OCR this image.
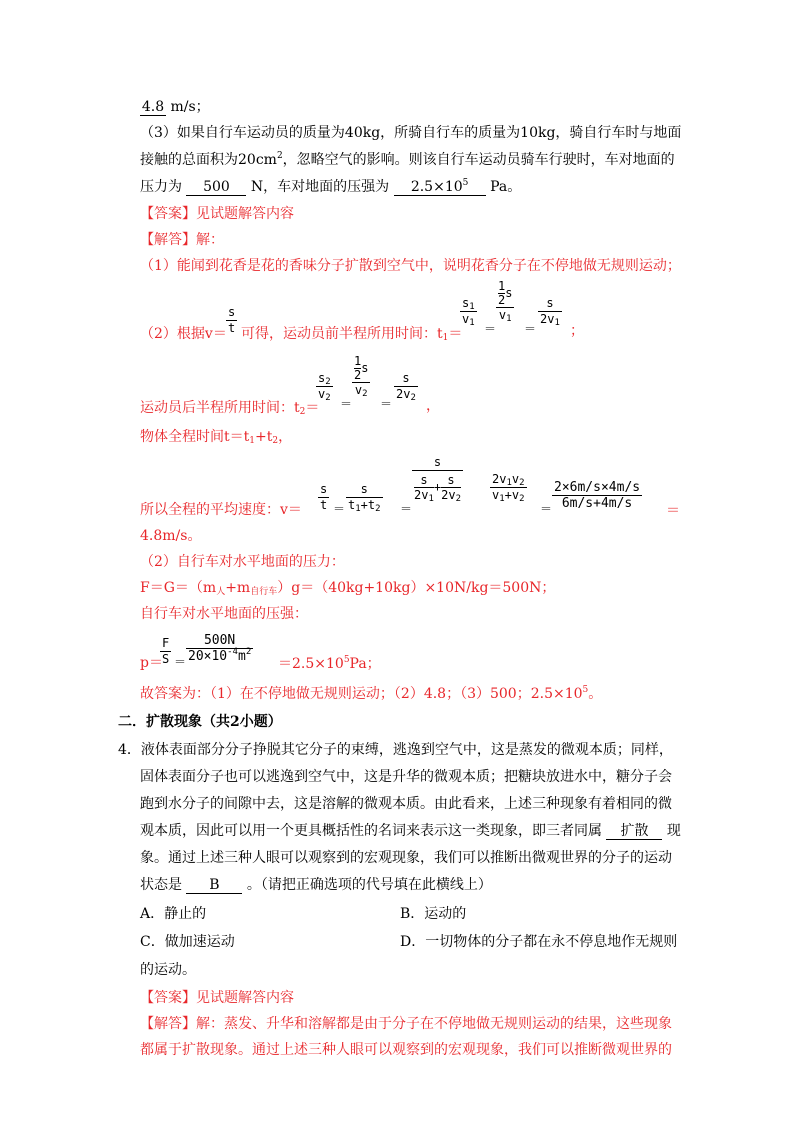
4.8 m/s；
（3）如果自行车运动员的质量为40kg，所骑自行车的质量为10kg，骑自行车时与地面
接触的总面积为$20cm^2$，忽略空气的影响。则该自行车运动员骑车行驶时，车对地面的
压力为 500 N，车对地面的压强为 $2.5\times 10^5$ Pa。
【答案】见试题解答内容
【解答】解：
（1）能闻到花香是花的香味分子扩散到空气中，说明花香分子在不停地做无规则运动；
（2）根据$v= \frac{s}{t}$ 可得，运动员前半程所用时间：$t_1=$
$\frac{s_1}{v_1}$
＝
$\frac{\frac{1}{2} s}{v_1}$
＝
$\frac{s}{2v_1}$
；
运动员后半程所用时间：$t_2=$
$\frac{s_2}{v_2}$
＝
$\frac{\frac{1}{2} s}{v_2}$
＝
$\frac{s}{2v_2}$
，
物体全程时间$t=t_1+t_2$，
所以全程的平均速度：$v= \frac{s}{t} = \frac{s}{t_1+t_2}$ ＝
$\frac{s}{\frac{s}{2v_1} + \frac{s}{2v_2}} \frac{2v_1v_2}{v_1+v_2}$
＝ $\frac{2\times 6m/s\times 4m/s}{6m/s+4m/s}$ ＝
4.8m/s。
（2）自行车对水平地面的压力：
$F=G=(m_人+m_{自行车})g=(40kg+10kg)\times 10N/kg=500N$；
自行车对水平地面的压强：
p＝
$\frac{F}{S} = \frac{500N}{20\times 10^{-4}m^2} =2.5\times 10^5Pa$；
故答案为：（1）在不停地做无规则运动；（2）4.8；（3）500；$2.5\times 10^5$。
二．扩散现象（共2小题）
4．液体表面部分分子挣脱其它分子的束缚，逃逸到空气中，这是蒸发的微观本质；同样，
固体表面分子也可以逃逸到空气中，这是升华的微观本质；把糖块放进水中，糖分子会
跑到水分子的间隙中去，这是溶解的微观本质。由此看来，上述三种现象有着相同的微
观本质，因此可以用一个更具概括性的名词来表示这一类现象，即三者同属 扩散 现
象。通过上述三种人眼可以观察到的宏观现象，我们可以推断出微观世界的分子的运动
状态是 B 。（请把正确选项的代号填在此横线上）
A．静止的	B．运动的
C．做加速运动	D．一切物体的分子都在永不停息地作无规则
的运动。
【答案】见试题解答内容
【解答】解：蒸发、升华和溶解都是由于分子在不停地做无规则运动的结果，这些现象
都属于扩散现象。通过上述三种人眼可以观察到的宏观现象，我们可以推断微观世界的
